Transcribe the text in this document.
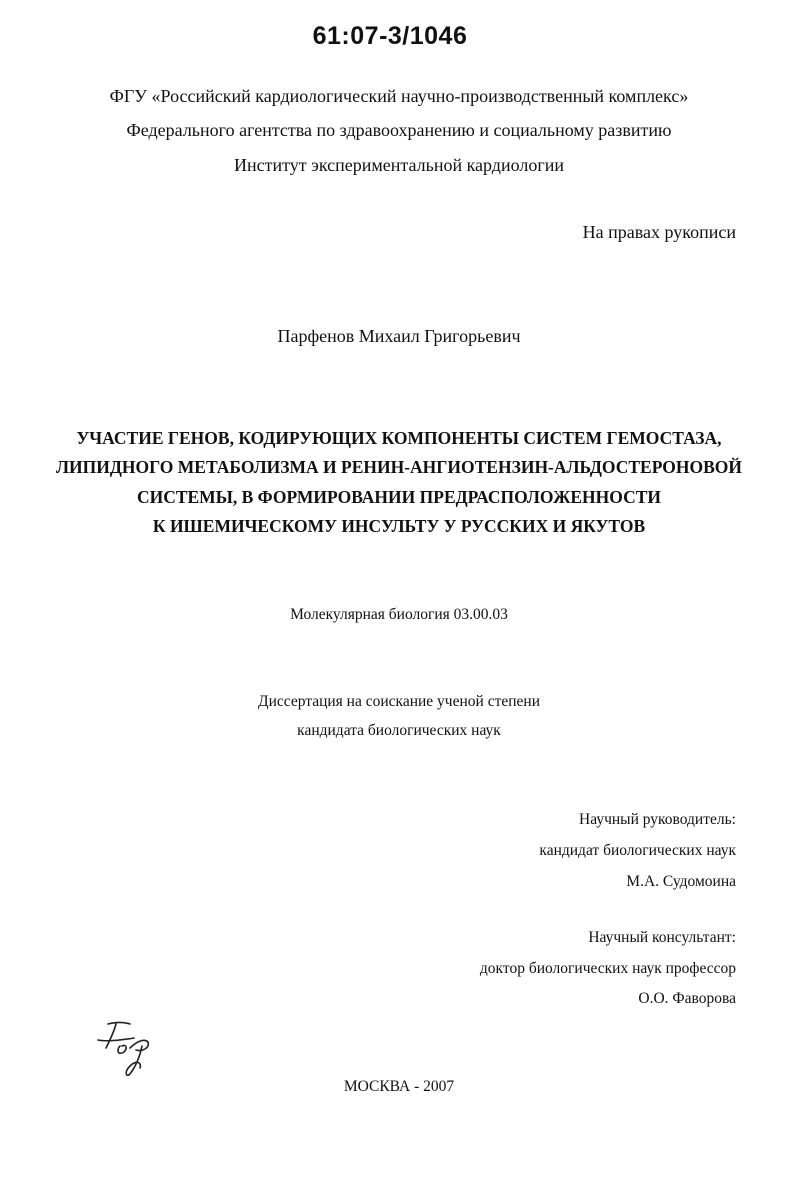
61:07-3/1046
ФГУ «Российский кардиологический научно-производственный комплекс»
Федерального агентства по здравоохранению и социальному развитию
Институт экспериментальной кардиологии
На правах рукописи
Парфенов Михаил Григорьевич
УЧАСТИЕ ГЕНОВ, КОДИРУЮЩИХ КОМПОНЕНТЫ СИСТЕМ ГЕМОСТАЗА,
ЛИПИДНОГО МЕТАБОЛИЗМА И РЕНИН-АНГИОТЕНЗИН-АЛЬДОСТЕРОНОВОЙ
СИСТЕМЫ, В ФОРМИРОВАНИИ ПРЕДРАСПОЛОЖЕННОСТИ
К ИШЕМИЧЕСКОМУ ИНСУЛЬТУ У РУССКИХ И ЯКУТОВ
Молекулярная биология 03.00.03
Диссертация на соискание ученой степени
кандидата биологических наук
Научный руководитель:
кандидат биологических наук
М.А. Судомоина
Научный консультант:
доктор биологических наук профессор
О.О. Фаворова
МОСКВА - 2007
